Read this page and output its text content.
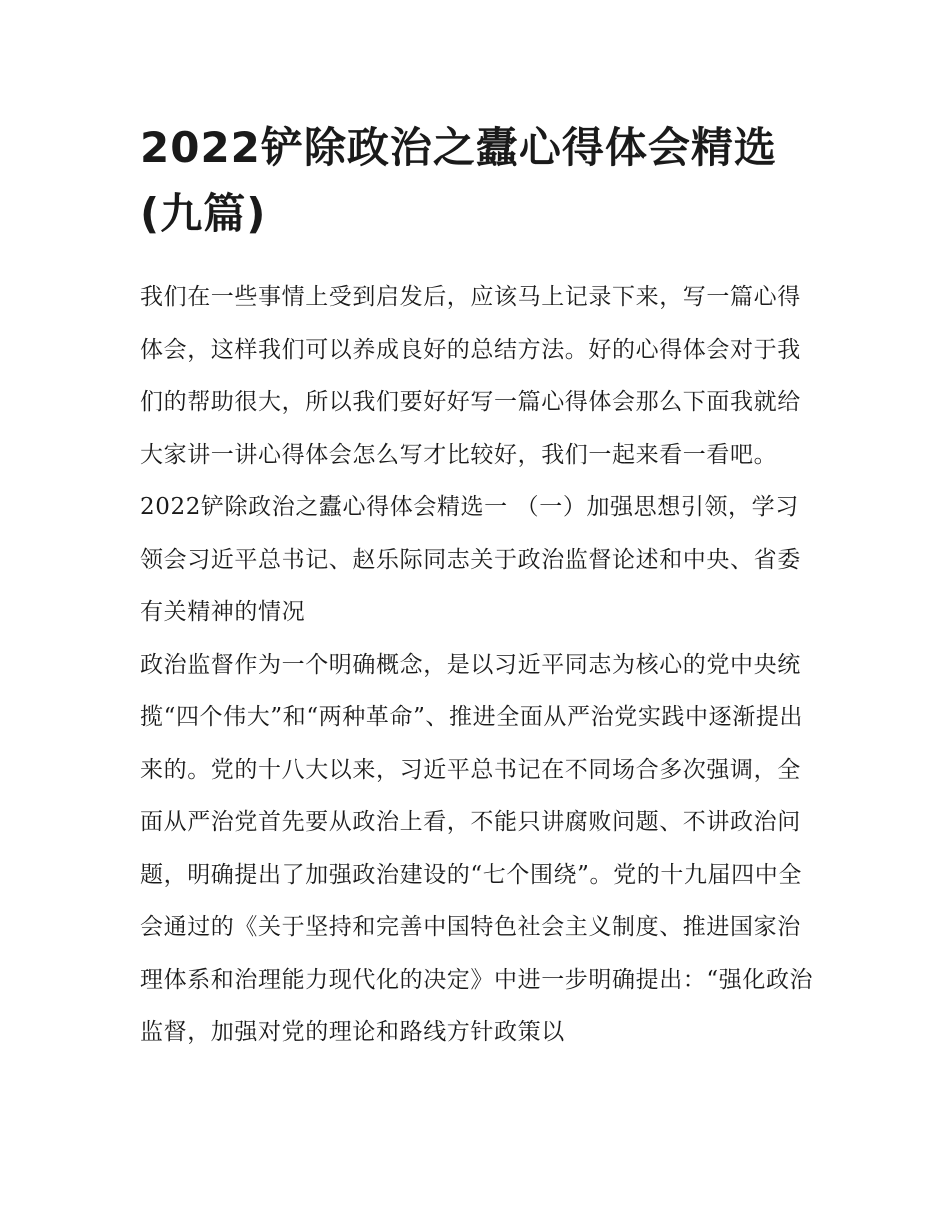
2022铲除政治之蠹心得体会精选(九篇)

我们在一些事情上受到启发后，应该马上记录下来，写一篇心得体会，这样我们可以养成良好的总结方法。好的心得体会对于我们的帮助很大，所以我们要好好写一篇心得体会那么下面我就给大家讲一讲心得体会怎么写才比较好，我们一起来看一看吧。

2022铲除政治之蠹心得体会精选一 （一）加强思想引领，学习领会习近平总书记、赵乐际同志关于政治监督论述和中央、省委有关精神的情况

政治监督作为一个明确概念，是以习近平同志为核心的党中央统揽“四个伟大”和“两种革命”、推进全面从严治党实践中逐渐提出来的。党的十八大以来，习近平总书记在不同场合多次强调，全面从严治党首先要从政治上看，不能只讲腐败问题、不讲政治问题，明确提出了加强政治建设的“七个围绕”。党的十九届四中全会通过的《关于坚持和完善中国特色社会主义制度、推进国家治理体系和治理能力现代化的决定》中进一步明确提出：“强化政治监督，加强对党的理论和路线方针政策以
